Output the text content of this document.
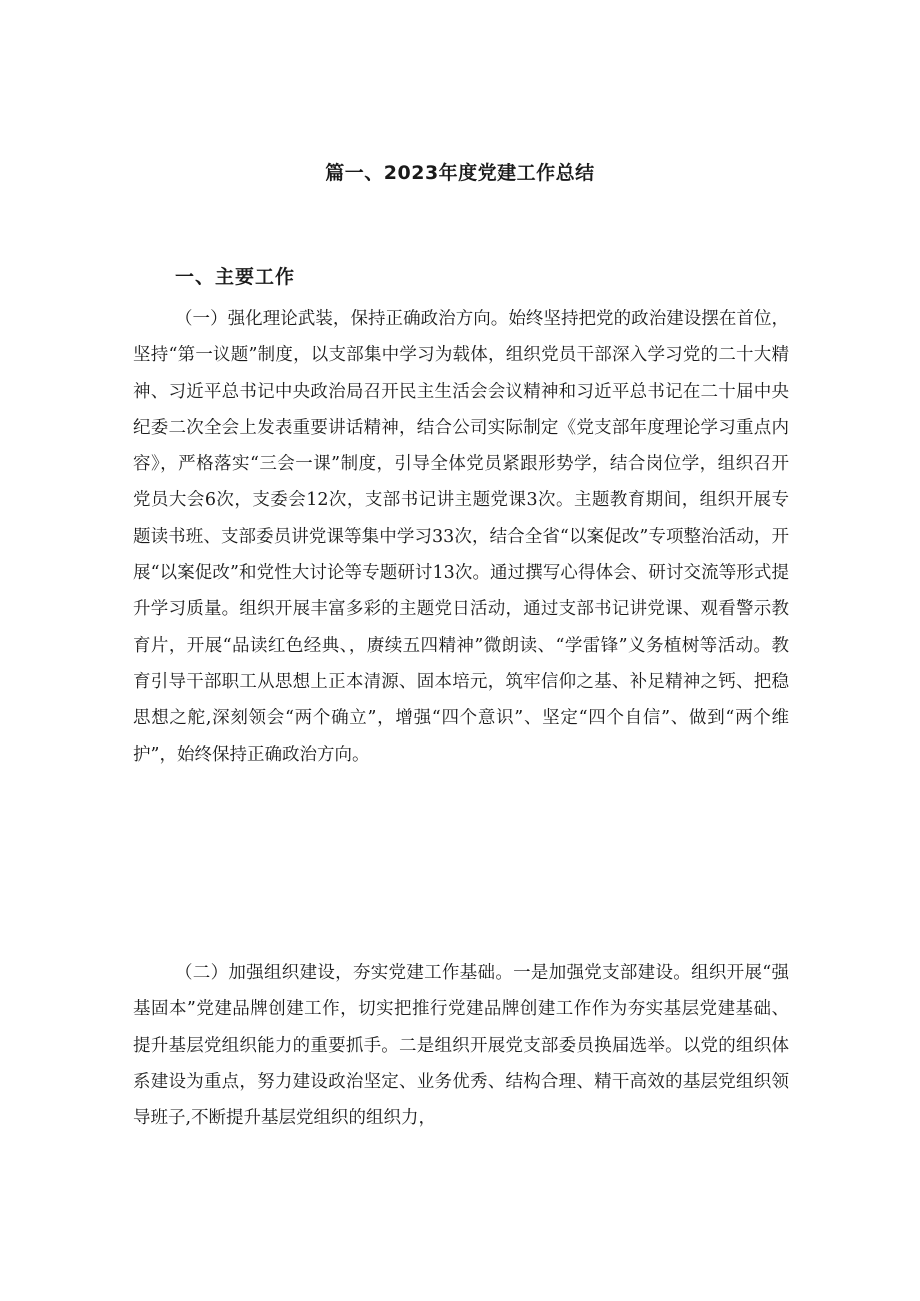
篇一、2023年度党建工作总结
一、主要工作

（一）强化理论武装，保持正确政治方向。始终坚持把党的政治建设摆在首位，坚持“第一议题”制度，以支部集中学习为载体，组织党员干部深入学习党的二十大精神、习近平总书记中央政治局召开民主生活会会议精神和习近平总书记在二十届中央纪委二次全会上发表重要讲话精神，结合公司实际制定《党支部年度理论学习重点内容》，严格落实“三会一课”制度，引导全体党员紧跟形势学，结合岗位学，组织召开党员大会6次，支委会12次，支部书记讲主题党课3次。主题教育期间，组织开展专题读书班、支部委员讲党课等集中学习33次，结合全省“以案促改”专项整治活动，开展“以案促改”和党性大讨论等专题研讨13次。通过撰写心得体会、研讨交流等形式提升学习质量。组织开展丰富多彩的主题党日活动，通过支部书记讲党课、观看警示教育片，开展“品读红色经典、，赓续五四精神”微朗读、“学雷锋”义务植树等活动。教育引导干部职工从思想上正本清源、固本培元，筑牢信仰之基、补足精神之钙、把稳思想之舵,深刻领会“两个确立”，增强“四个意识”、坚定“四个自信”、做到“两个维护”，始终保持正确政治方向。

（二）加强组织建设，夯实党建工作基础。一是加强党支部建设。组织开展“强基固本”党建品牌创建工作，切实把推行党建品牌创建工作作为夯实基层党建基础、提升基层党组织能力的重要抓手。二是组织开展党支部委员换届选举。以党的组织体系建设为重点，努力建设政治坚定、业务优秀、结构合理、精干高效的基层党组织领导班子,不断提升基层党组织的组织力，
